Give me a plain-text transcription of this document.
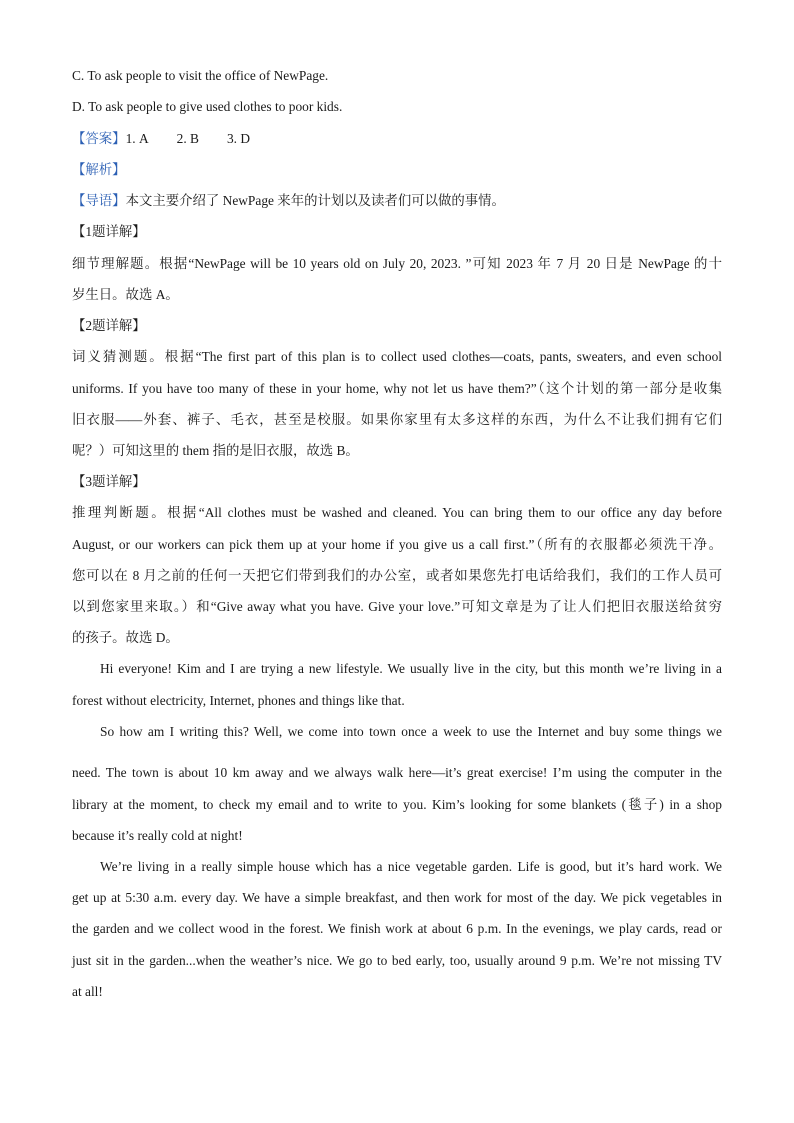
C. To ask people to visit the office of NewPage.
D. To ask people to give used clothes to poor kids.
【答案】1. A 2. B 3. D
【解析】
【导语】本文主要介绍了 NewPage 来年的计划以及读者们可以做的事情。
【1题详解】
细节理解题。根据“NewPage will be 10 years old on July 20, 2023. ”可知 2023 年 7 月 20 日是 NewPage 的十
岁生日。故选 A。
【2题详解】
词义猜测题。根据“The first part of this plan is to collect used clothes—coats, pants, sweaters, and even school
uniforms. If you have too many of these in your home, why not let us have them?”（这个计划的第一部分是收集
旧衣服——外套、裤子、毛衣，甚至是校服。如果你家里有太多这样的东西，为什么不让我们拥有它们
呢？）可知这里的 them 指的是旧衣服，故选 B。
【3题详解】
推理判断题。根据“All clothes must be washed and cleaned. You can bring them to our office any day before
August, or our workers can pick them up at your home if you give us a call first.”（所有的衣服都必须洗干净。
您可以在 8 月之前的任何一天把它们带到我们的办公室，或者如果您先打电话给我们，我们的工作人员可
以到您家里来取。）和“Give away what you have. Give your love.”可知文章是为了让人们把旧衣服送给贫穷
的孩子。故选 D。
Hi everyone! Kim and I are trying a new lifestyle. We usually live in the city, but this month we’re living in a
forest without electricity, Internet, phones and things like that.
So how am I writing this? Well, we come into town once a week to use the Internet and buy some things we
need. The town is about 10 km away and we always walk here—it’s great exercise! I’m using the computer in the
library at the moment, to check my email and to write to you. Kim’s looking for some blankets (毯子) in a shop
because it’s really cold at night!
We’re living in a really simple house which has a nice vegetable garden. Life is good, but it’s hard work. We
get up at 5:30 a.m. every day. We have a simple breakfast, and then work for most of the day. We pick vegetables in
the garden and we collect wood in the forest. We finish work at about 6 p.m. In the evenings, we play cards, read or
just sit in the garden...when the weather’s nice. We go to bed early, too, usually around 9 p.m. We’re not missing TV
at all!
